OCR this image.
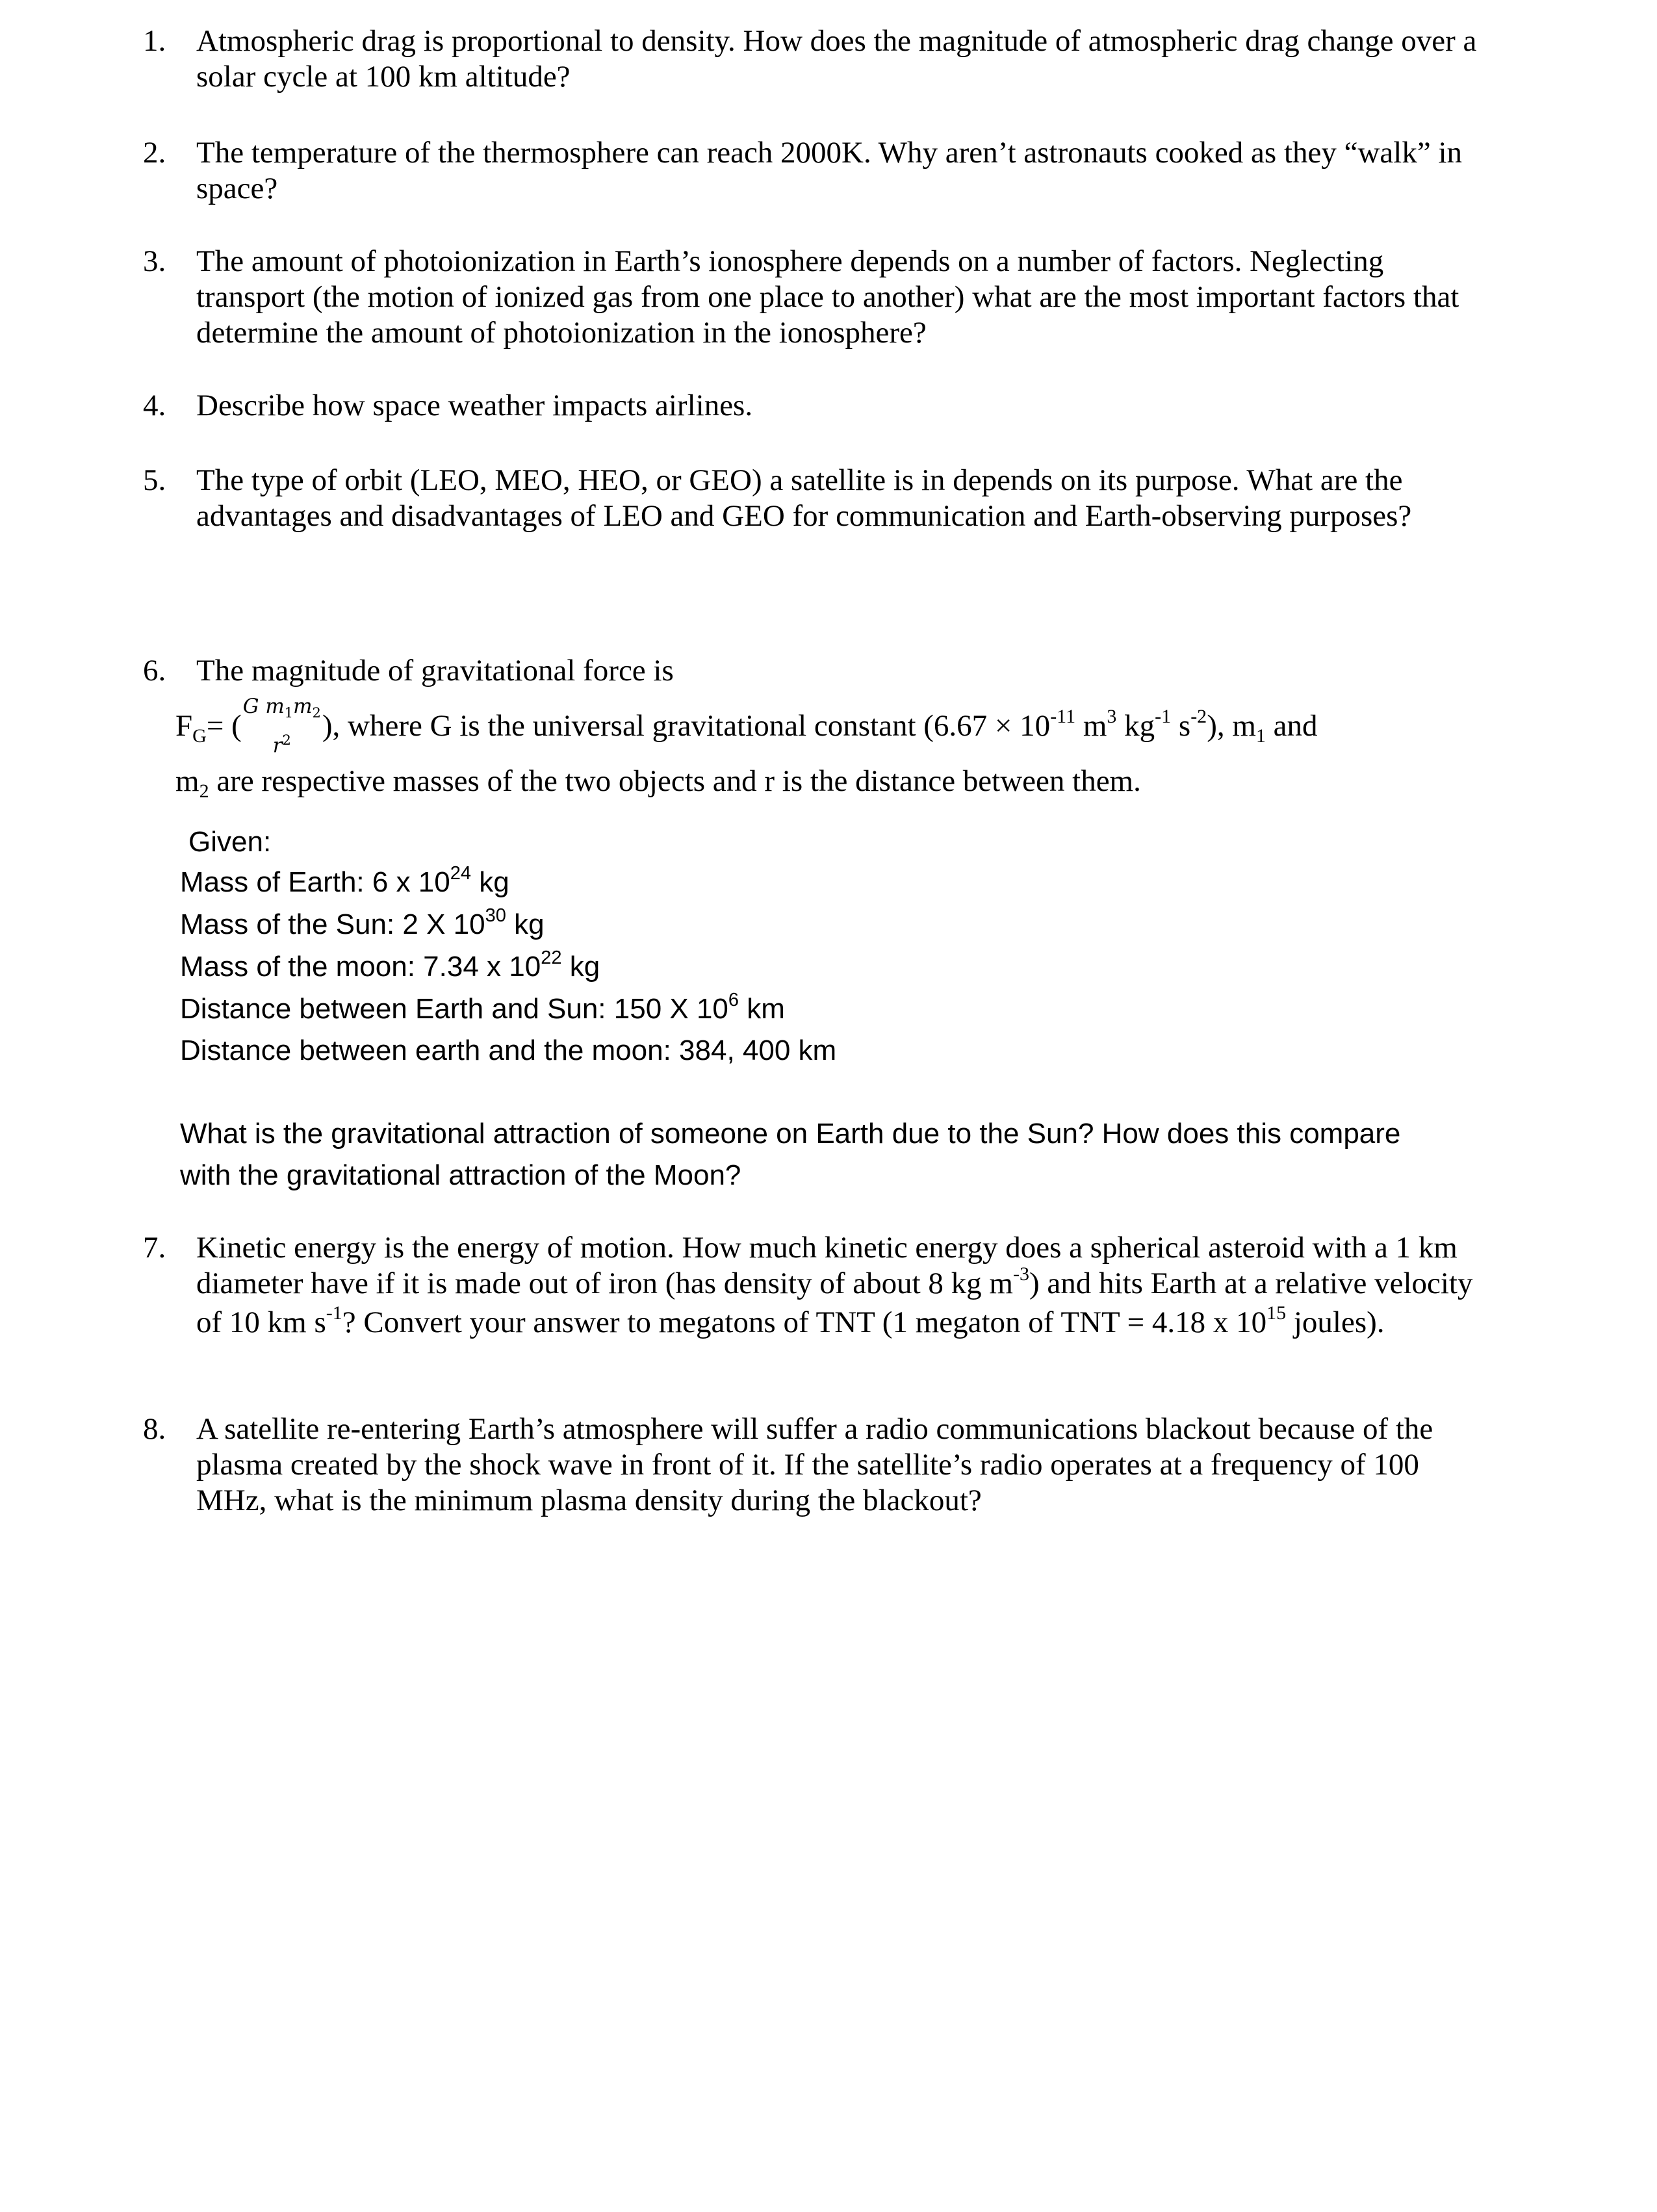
1. Atmospheric drag is proportional to density. How does the magnitude of atmospheric drag change over a solar cycle at 100 km altitude?
2. The temperature of the thermosphere can reach 2000K. Why aren’t astronauts cooked as they “walk” in space?
3. The amount of photoionization in Earth’s ionosphere depends on a number of factors. Neglecting transport (the motion of ionized gas from one place to another) what are the most important factors that determine the amount of photoionization in the ionosphere?
4. Describe how space weather impacts airlines.
5. The type of orbit (LEO, MEO, HEO, or GEO) a satellite is in depends on its purpose. What are the advantages and disadvantages of LEO and GEO for communication and Earth-observing purposes?
6. The magnitude of gravitational force is
$F_G=$ (
G $m_1m_2$
$r^2$	), where G is the universal gravitational constant ($6.67 \times 10^{-11}$ $m^3$ $kg^{-1}$ $s^{-2}$), $m_1$ and
$m_2$ are respective masses of the two objects and r is the distance between them.
Given:
Mass of Earth: 6 x $10^{24}$ kg
Mass of the Sun: 2 X $10^{30}$ kg
Mass of the moon: 7.34 x $10^{22}$ kg
Distance between Earth and Sun: 150 X $10^6$ km
Distance between earth and the moon: 384, 400 km
What is the gravitational attraction of someone on Earth due to the Sun? How does this compare
with the gravitational attraction of the Moon?
7. Kinetic energy is the energy of motion. How much kinetic energy does a spherical asteroid with a 1 km diameter have if it is made out of iron (has density of about 8 kg $m^{-3}$) and hits Earth at a relative velocity of 10 km $s^{-1}$? Convert your answer to megatons of TNT (1 megaton of TNT = 4.18 x $10^{15}$ joules).
8. A satellite re-entering Earth’s atmosphere will suffer a radio communications blackout because of the plasma created by the shock wave in front of it. If the satellite’s radio operates at a frequency of 100 MHz, what is the minimum plasma density during the blackout?
